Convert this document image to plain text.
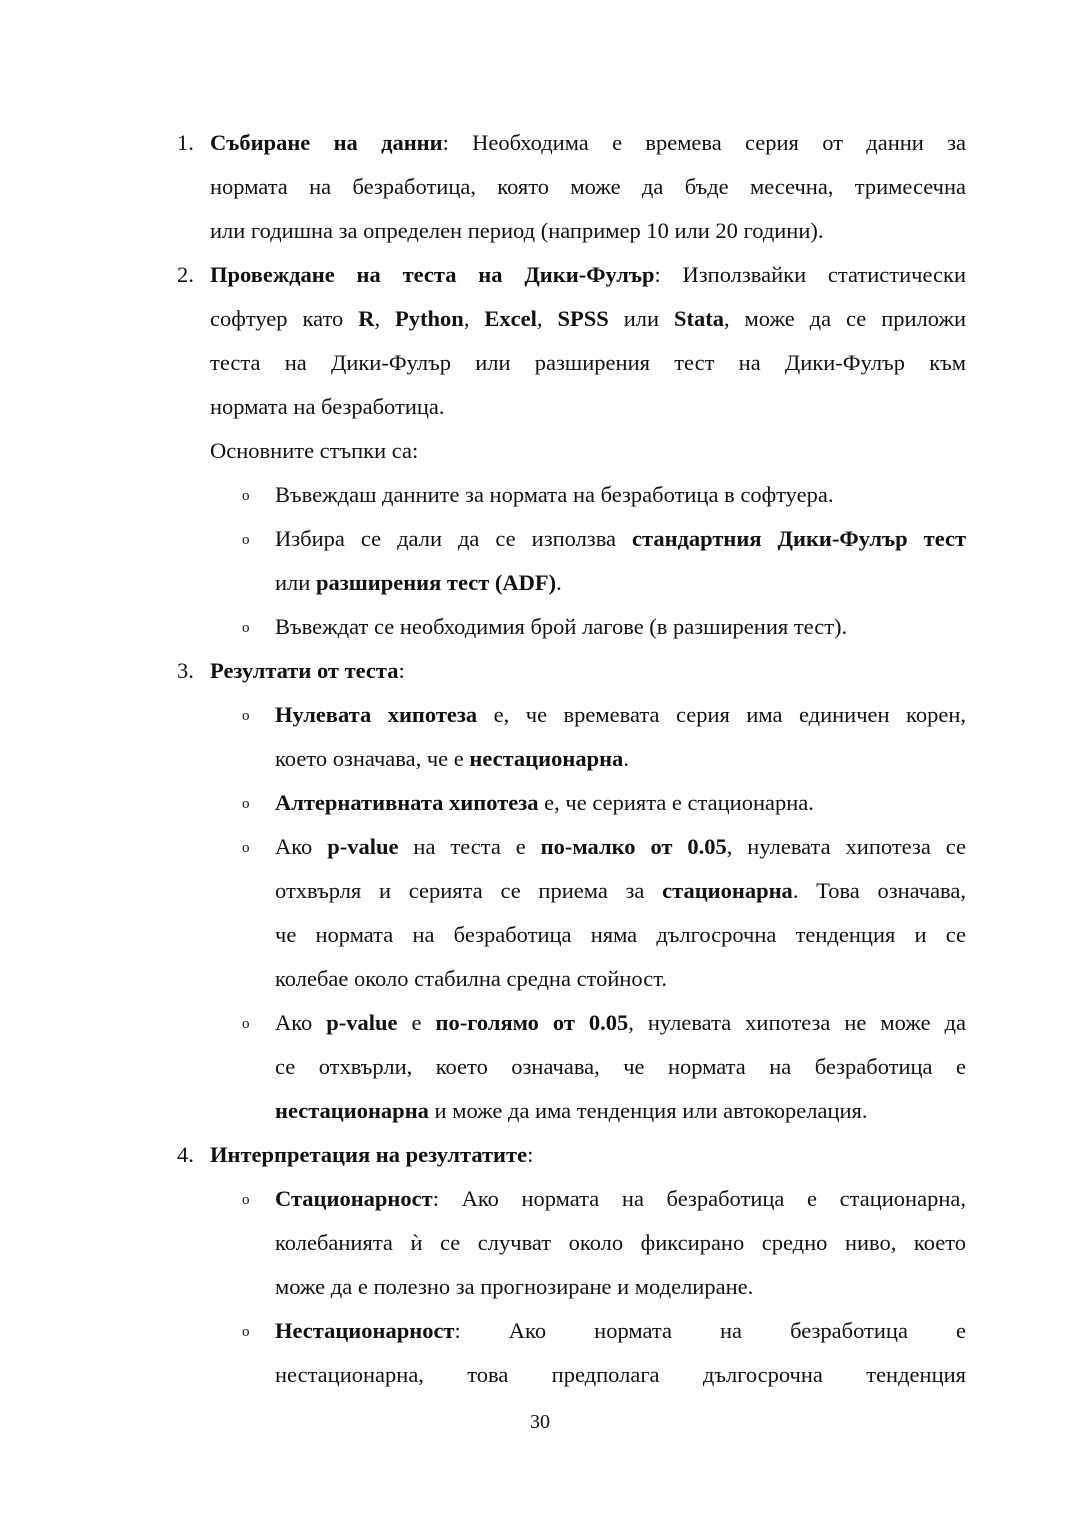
1. Събиране на данни: Необходима е времева серия от данни за
нормата на безработица, която може да бъде месечна, тримесечна
или годишна за определен период (например 10 или 20 години).
2. Провеждане на теста на Дики-Фулър: Използвайки статистически
софтуер като R, Python, Excel, SPSS или Stata, може да се приложи
теста на Дики-Фулър или разширения тест на Дики-Фулър към
нормата на безработица.
Основните стъпки са:
o Въвеждаш данните за нормата на безработица в софтуера.
o Избира се дали да се използва стандартния Дики-Фулър тест
или разширения тест (ADF).
o Въвеждат се необходимия брой лагове (в разширения тест).
3. Резултати от теста:
o Нулевата хипотеза е, че времевата серия има единичен корен,
което означава, че е нестационарна.
o Алтернативната хипотеза е, че серията е стационарна.
o Ако p-value на теста е по-малко от 0.05, нулевата хипотеза се
отхвърля и серията се приема за стационарна. Това означава,
че нормата на безработица няма дългосрочна тенденция и се
колебае около стабилна средна стойност.
o Ако p-value е по-голямо от 0.05, нулевата хипотеза не може да
се отхвърли, което означава, че нормата на безработица е
нестационарна и може да има тенденция или автокорелация.
4. Интерпретация на резултатите:
o Стационарност: Ако нормата на безработица е стационарна,
колебанията ѝ се случват около фиксирано средно ниво, което
може да е полезно за прогнозиране и моделиране.
o Нестационарност: Ако нормата на безработица е
нестационарна, това предполага дългосрочна тенденция
30
